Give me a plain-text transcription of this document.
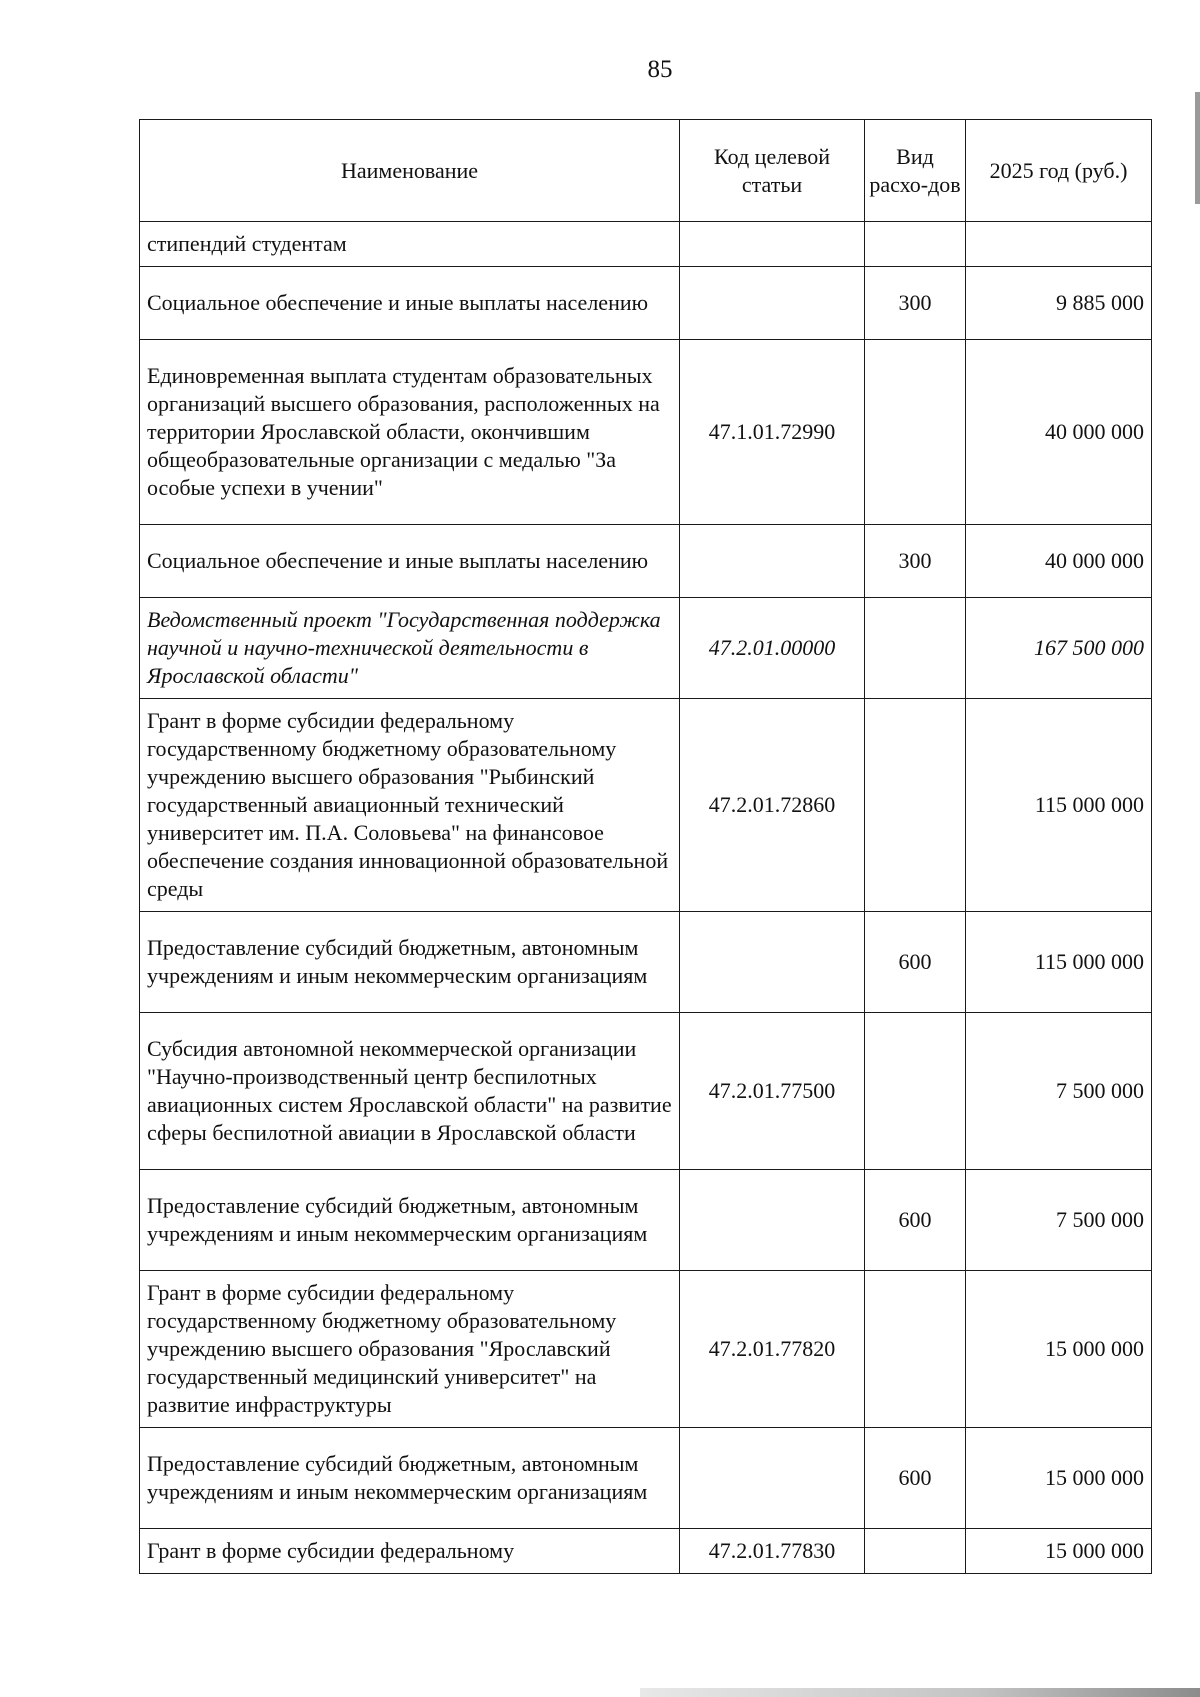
85
Наименование	Код целевой статьи	Вид расхо-дов	2025 год (руб.)
стипендий студентам			
Социальное обеспечение и иные выплаты населению		300	9 885 000
Единовременная выплата студентам образовательных организаций высшего образования, расположенных на территории Ярославской области, окончившим общеобразовательные организации с медалью "За особые успехи в учении"	47.1.01.72990		40 000 000
Социальное обеспечение и иные выплаты населению		300	40 000 000
Ведомственный проект "Государственная поддержка научной и научно-технической деятельности в Ярославской области"	47.2.01.00000		167 500 000
Грант в форме субсидии федеральному государственному бюджетному образовательному учреждению высшего образования "Рыбинский государственный авиационный технический университет им. П.А. Соловьева" на финансовое обеспечение создания инновационной образовательной среды	47.2.01.72860		115 000 000
Предоставление субсидий бюджетным, автономным учреждениям и иным некоммерческим организациям		600	115 000 000
Субсидия автономной некоммерческой организации "Научно-производственный центр беспилотных авиационных систем Ярославской области" на развитие сферы беспилотной авиации в Ярославской области	47.2.01.77500		7 500 000
Предоставление субсидий бюджетным, автономным учреждениям и иным некоммерческим организациям		600	7 500 000
Грант в форме субсидии федеральному государственному бюджетному образовательному учреждению высшего образования "Ярославский государственный медицинский университет" на развитие инфраструктуры	47.2.01.77820		15 000 000
Предоставление субсидий бюджетным, автономным учреждениям и иным некоммерческим организациям		600	15 000 000
Грант в форме субсидии федеральному	47.2.01.77830		15 000 000
